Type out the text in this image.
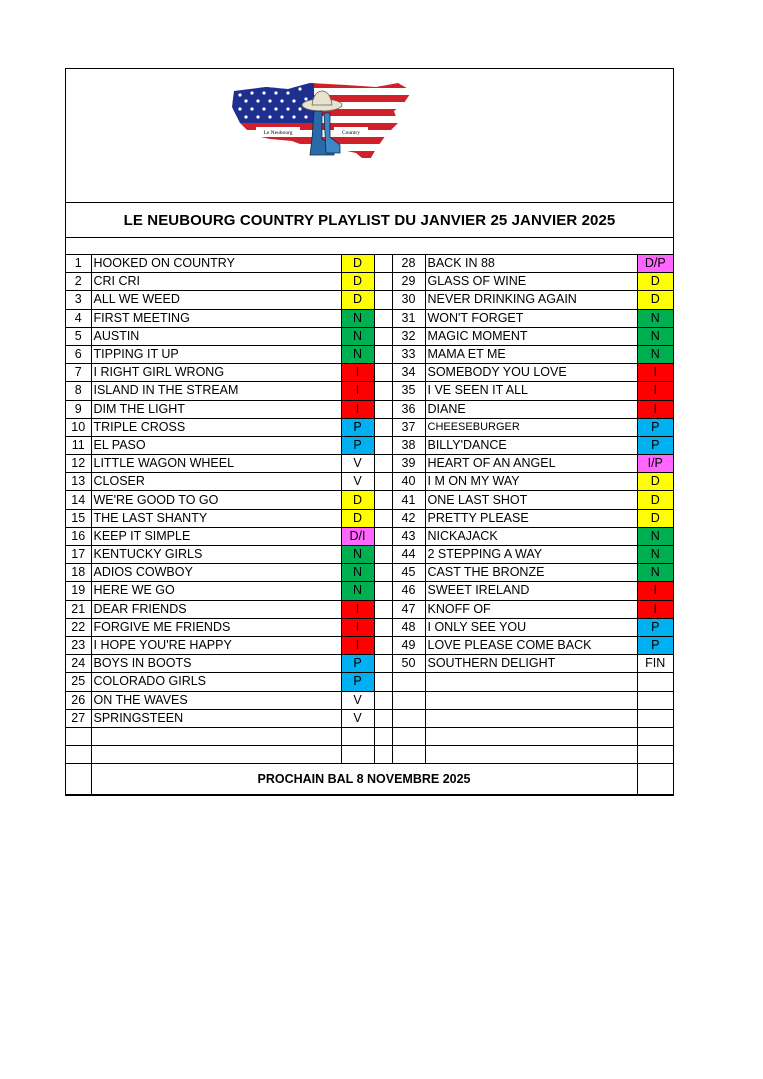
Le Neubourg	Country
LE NEUBOURG COUNTRY PLAYLIST DU JANVIER 25 JANVIER 2025
1	HOOKED ON COUNTRY	D		28	BACK IN 88	D/P
2	CRI CRI	D		29	GLASS OF WINE	D
3	ALL WE WEED	D		30	NEVER DRINKING AGAIN	D
4	FIRST MEETING	N		31	WON'T FORGET	N
5	AUSTIN	N		32	MAGIC MOMENT	N
6	TIPPING IT UP	N		33	MAMA ET ME	N
7	I RIGHT GIRL WRONG	I		34	SOMEBODY YOU LOVE	I
8	ISLAND IN THE STREAM	I		35	I VE SEEN IT ALL	I
9	DIM THE LIGHT	I		36	DIANE	I
10	TRIPLE CROSS	P		37	CHEESEBURGER	P
11	EL PASO	P		38	BILLY'DANCE	P
12	LITTLE WAGON WHEEL	V		39	HEART OF AN ANGEL	I/P
13	CLOSER	V		40	I M ON MY WAY	D
14	WE'RE GOOD TO GO	D		41	ONE LAST SHOT	D
15	THE LAST SHANTY	D		42	PRETTY PLEASE	D
16	KEEP IT SIMPLE	D/I		43	NICKAJACK	N
17	KENTUCKY GIRLS	N		44	2 STEPPING A WAY	N
18	ADIOS COWBOY	N		45	CAST THE BRONZE	N
19	HERE WE GO	N		46	SWEET IRELAND	I
21	DEAR FRIENDS	I		47	KNOFF OF	I
22	FORGIVE ME FRIENDS	I		48	I ONLY SEE YOU	P
23	I HOPE YOU'RE HAPPY	I		49	LOVE PLEASE COME BACK	P
24	BOYS IN BOOTS	P		50	SOUTHERN DELIGHT	FIN
25	COLORADO GIRLS	P				
26	ON THE WAVES	V				
27	SPRINGSTEEN	V				

	PROCHAIN BAL 8 NOVEMBRE 2025					
